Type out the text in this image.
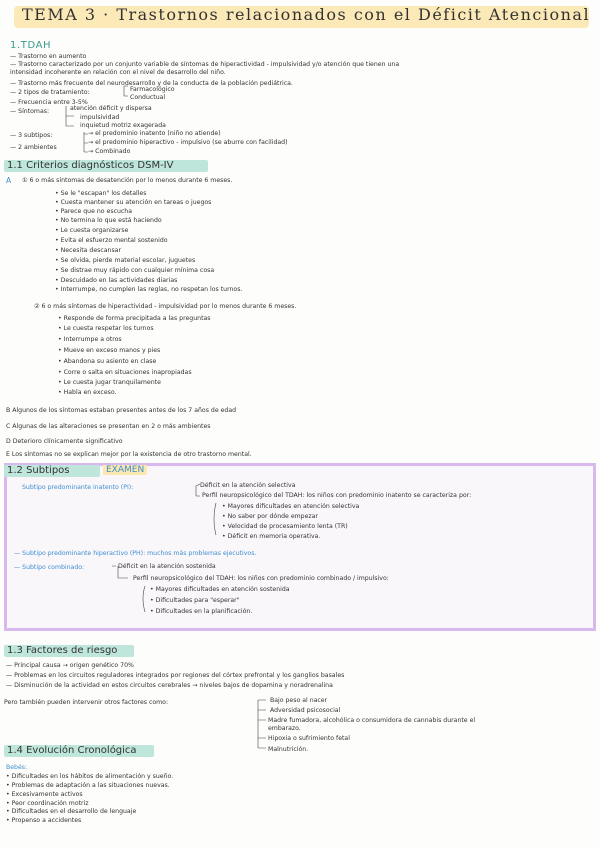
TEMA 3 · Trastornos relacionados con el Déficit Atencional
1.TDAH
— Trastorno en aumento
— Trastorno caracterizado por un conjunto variable de síntomas de hiperactividad - impulsividad y/o atención que tienen una
intensidad incoherente en relación con el nivel de desarrollo del niño.
— Trastorno más frecuente del neurodesarrollo y de la conducta de la población pediátrica.
— 2 tipos de tratamiento:	Farmacológico
Conductual
— Frecuencia entre 3-5%
— Síntomas:	atención déficit y dispersa
impulsividad
inquietud motriz exagerada
— 3 subtipos:	→ el predominio inatento (niño no atiende)
→ el predominio hiperactivo - impulsivo (se aburre con facilidad)
— 2 ambientes
→ Combinado
1.1 Criterios diagnósticos DSM-IV
A ① 6 o más síntomas de desatención por lo menos durante 6 meses.
• Se le "escapan" los detalles
• Cuesta mantener su atención en tareas o juegos
• Parece que no escucha
• No termina lo que está haciendo
• Le cuesta organizarse
• Evita el esfuerzo mental sostenido
• Necesita descansar
• Se olvida, pierde material escolar, juguetes
• Se distrae muy rápido con cualquier mínima cosa
• Descuidado en las actividades diarias
• Interrumpe, no cumplen las reglas, no respetan los turnos.
② 6 o más síntomas de hiperactividad - impulsividad por lo menos durante 6 meses.
• Responde de forma precipitada a las preguntas
• Le cuesta respetar los turnos
• Interrumpe a otros
• Mueve en exceso manos y pies
• Abandona su asiento en clase
• Corre o salta en situaciones inapropiadas
• Le cuesta jugar tranquilamente
• Habla en exceso.
B Algunos de los síntomas estaban presentes antes de los 7 años de edad
C Algunas de las alteraciones se presentan en 2 o más ambientes
D Deterioro clínicamente significativo
E Los síntomas no se explican mejor por la existencia de otro trastorno mental.
1.2 Subtipos	EXAMEN
Subtipo predominante inatento (PI):	Déficit en la atención selectiva
Perfil neuropsicológico del TDAH: los niños con predominio inatento se caracteriza por:
• Mayores dificultades en atención selectiva
• No saber por dónde empezar
• Velocidad de procesamiento lenta (TR)
• Déficit en memoria operativa.
— Subtipo predominante hiperactivo (PH): muchos más problemas ejecutivos.
— Subtipo combinado:	Déficit en la atención sostenida
Perfil neuropsicológico del TDAH: los niños con predominio combinado / impulsivo:
• Mayores dificultades en atención sostenida
• Dificultades para "esperar"
• Dificultades en la planificación.
1.3 Factores de riesgo
— Principal causa → origen genético 70%
— Problemas en los circuitos reguladores integrados por regiones del córtex prefrontal y los ganglios basales
— Disminución de la actividad en estos circuitos cerebrales → niveles bajos de dopamina y noradrenalina
Pero también pueden intervenir otros factores como:	Bajo peso al nacer
Adversidad psicosocial
Madre fumadora, alcohólica o consumidora de cannabis durante el
embarazo.
Hipoxia o sufrimiento fetal
Malnutrición.
1.4 Evolución Cronológica
Bebés:
• Dificultades en los hábitos de alimentación y sueño.
• Problemas de adaptación a las situaciones nuevas.
• Excesivamente activos
• Peor coordinación motriz
• Dificultades en el desarrollo de lenguaje
• Propenso a accidentes
